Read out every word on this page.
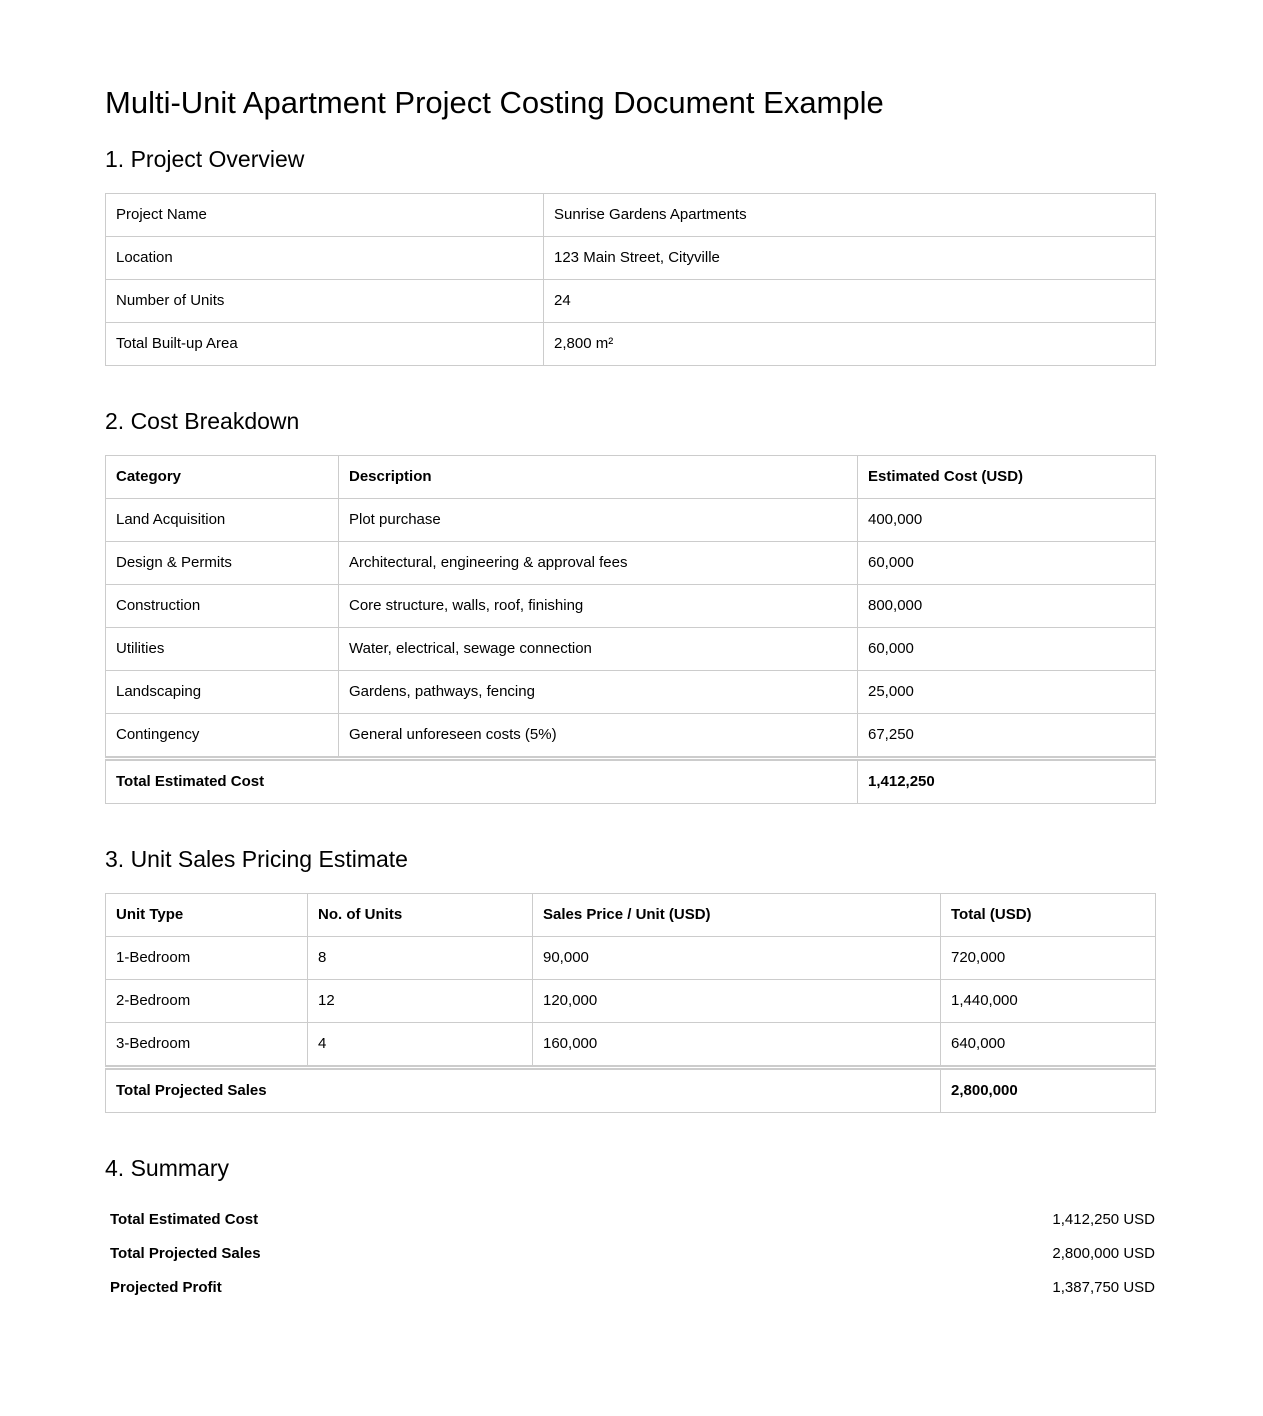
Multi-Unit Apartment Project Costing Document Example
1. Project Overview
Project Name	Sunrise Gardens Apartments
Location	123 Main Street, Cityville
Number of Units	24
Total Built-up Area	2,800 m²
2. Cost Breakdown
Category	Description	Estimated Cost (USD)
Land Acquisition	Plot purchase	400,000
Design & Permits	Architectural, engineering & approval fees	60,000
Construction	Core structure, walls, roof, finishing	800,000
Utilities	Water, electrical, sewage connection	60,000
Landscaping	Gardens, pathways, fencing	25,000
Contingency	General unforeseen costs (5%)	67,250
Total Estimated Cost		1,412,250
3. Unit Sales Pricing Estimate
Unit Type	No. of Units	Sales Price / Unit (USD)	Total (USD)
1-Bedroom	8	90,000	720,000
2-Bedroom	12	120,000	1,440,000
3-Bedroom	4	160,000	640,000
Total Projected Sales			2,800,000
4. Summary
Total Estimated Cost	1,412,250 USD
Total Projected Sales	2,800,000 USD
Projected Profit	1,387,750 USD
